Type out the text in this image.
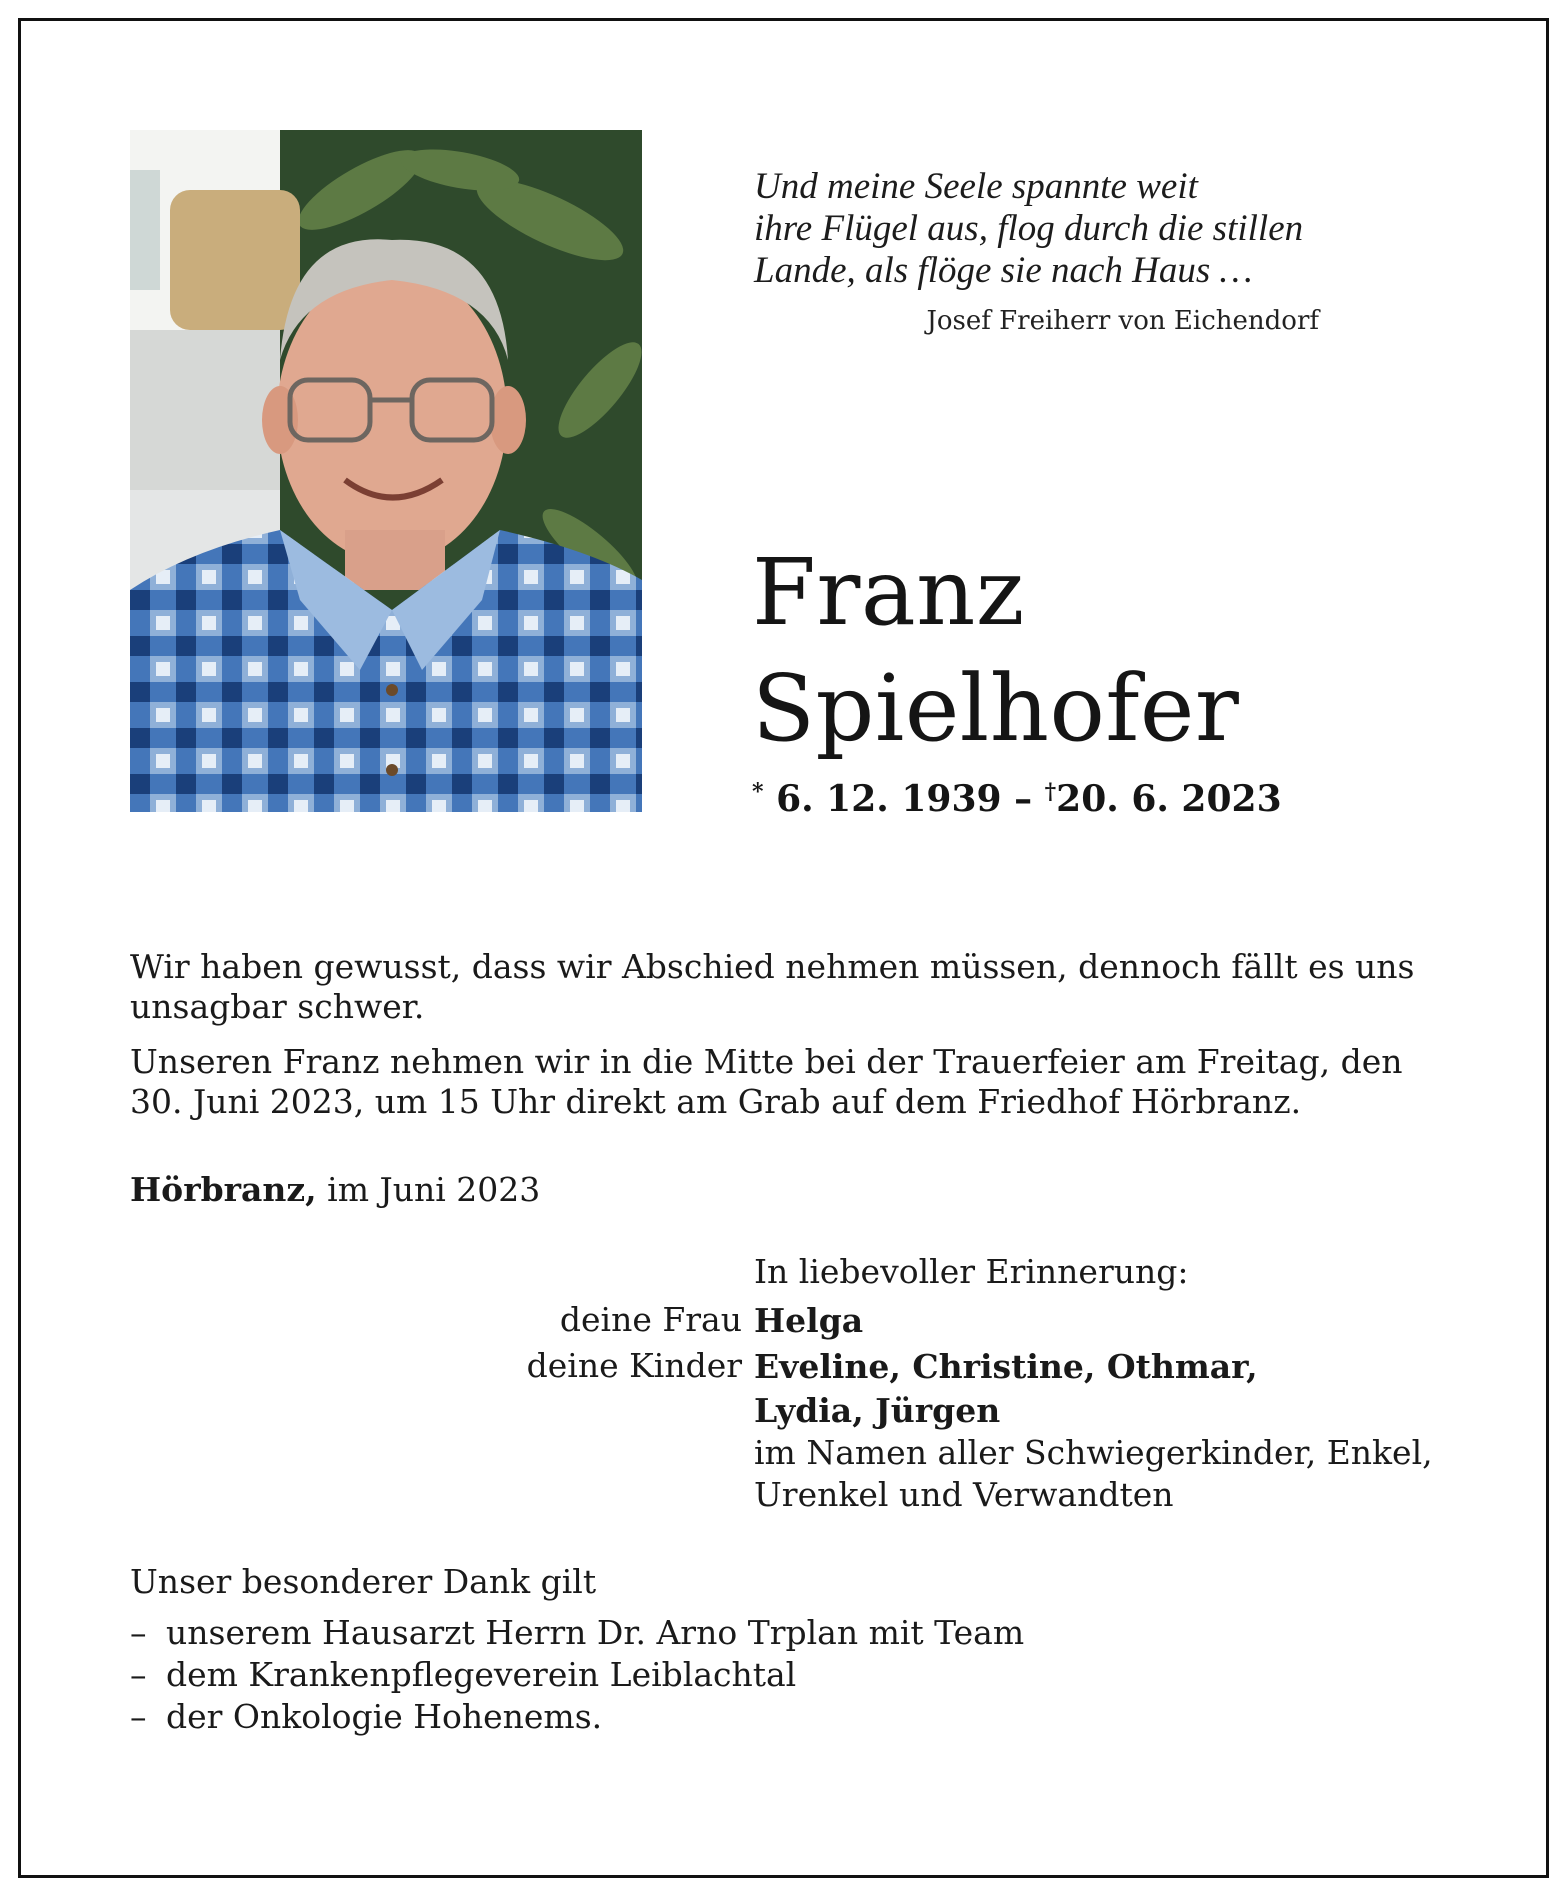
Und meine Seele spannte weit
ihre Flügel aus, flog durch die stillen
Lande, als flöge sie nach Haus …
Josef Freiherr von Eichendorf
Franz
Spielhofer
* 6. 12. 1939 – †20. 6. 2023
Wir haben gewusst, dass wir Abschied nehmen müssen, dennoch fällt es uns unsagbar schwer.
Unseren Franz nehmen wir in die Mitte bei der Trauerfeier am Freitag, den 30. Juni 2023, um 15 Uhr direkt am Grab auf dem Friedhof Hörbranz.
Hörbranz, im Juni 2023
In liebevoller Erinnerung:
deine Frau Helga
deine Kinder Eveline, Christine, Othmar,
Lydia, Jürgen
im Namen aller Schwiegerkinder, Enkel,
Urenkel und Verwandten
Unser besonderer Dank gilt
– unserem Hausarzt Herrn Dr. Arno Trplan mit Team
– dem Krankenpflegeverein Leiblachtal
– der Onkologie Hohenems.
